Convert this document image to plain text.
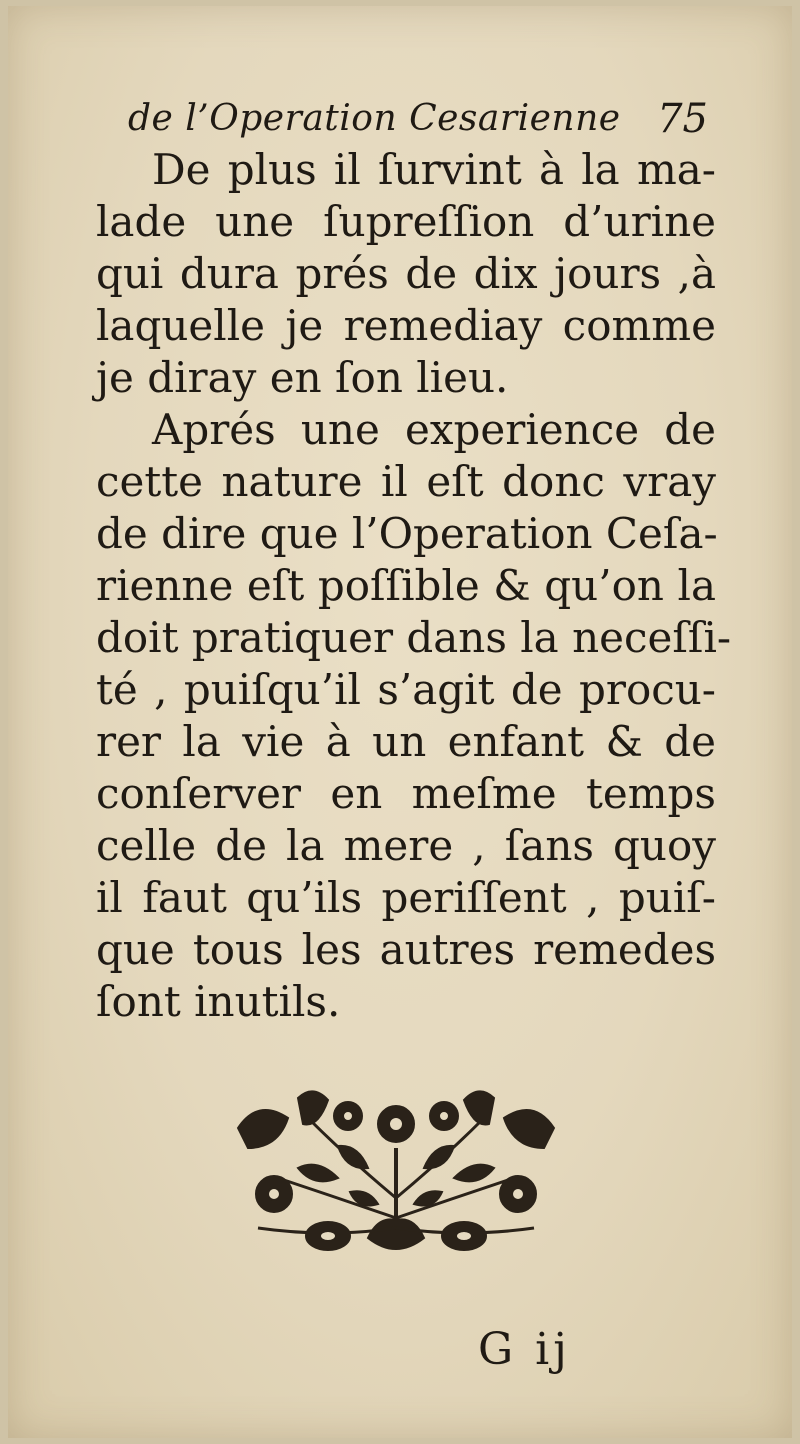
de l’Operation Cesarienne 75
De plus il ſurvint à la ma-
lade une ſupreſſion d’urine
qui dura prés de dix jours ,à
laquelle je remediay comme
je diray en ſon lieu.
Aprés une experience de
cette nature il eſt donc vray
de dire que l’Operation Ceſa-
rienne eſt poſſible & qu’on la
doit pratiquer dans la neceſſi-
té , puiſqu’il s’agit de procu-
rer la vie à un enfant & de
conſerver en meſme temps
celle de la mere , ſans quoy
il faut qu’ils periſſent , puiſ-
que tous les autres remedes
ſont inutils.
G ij
